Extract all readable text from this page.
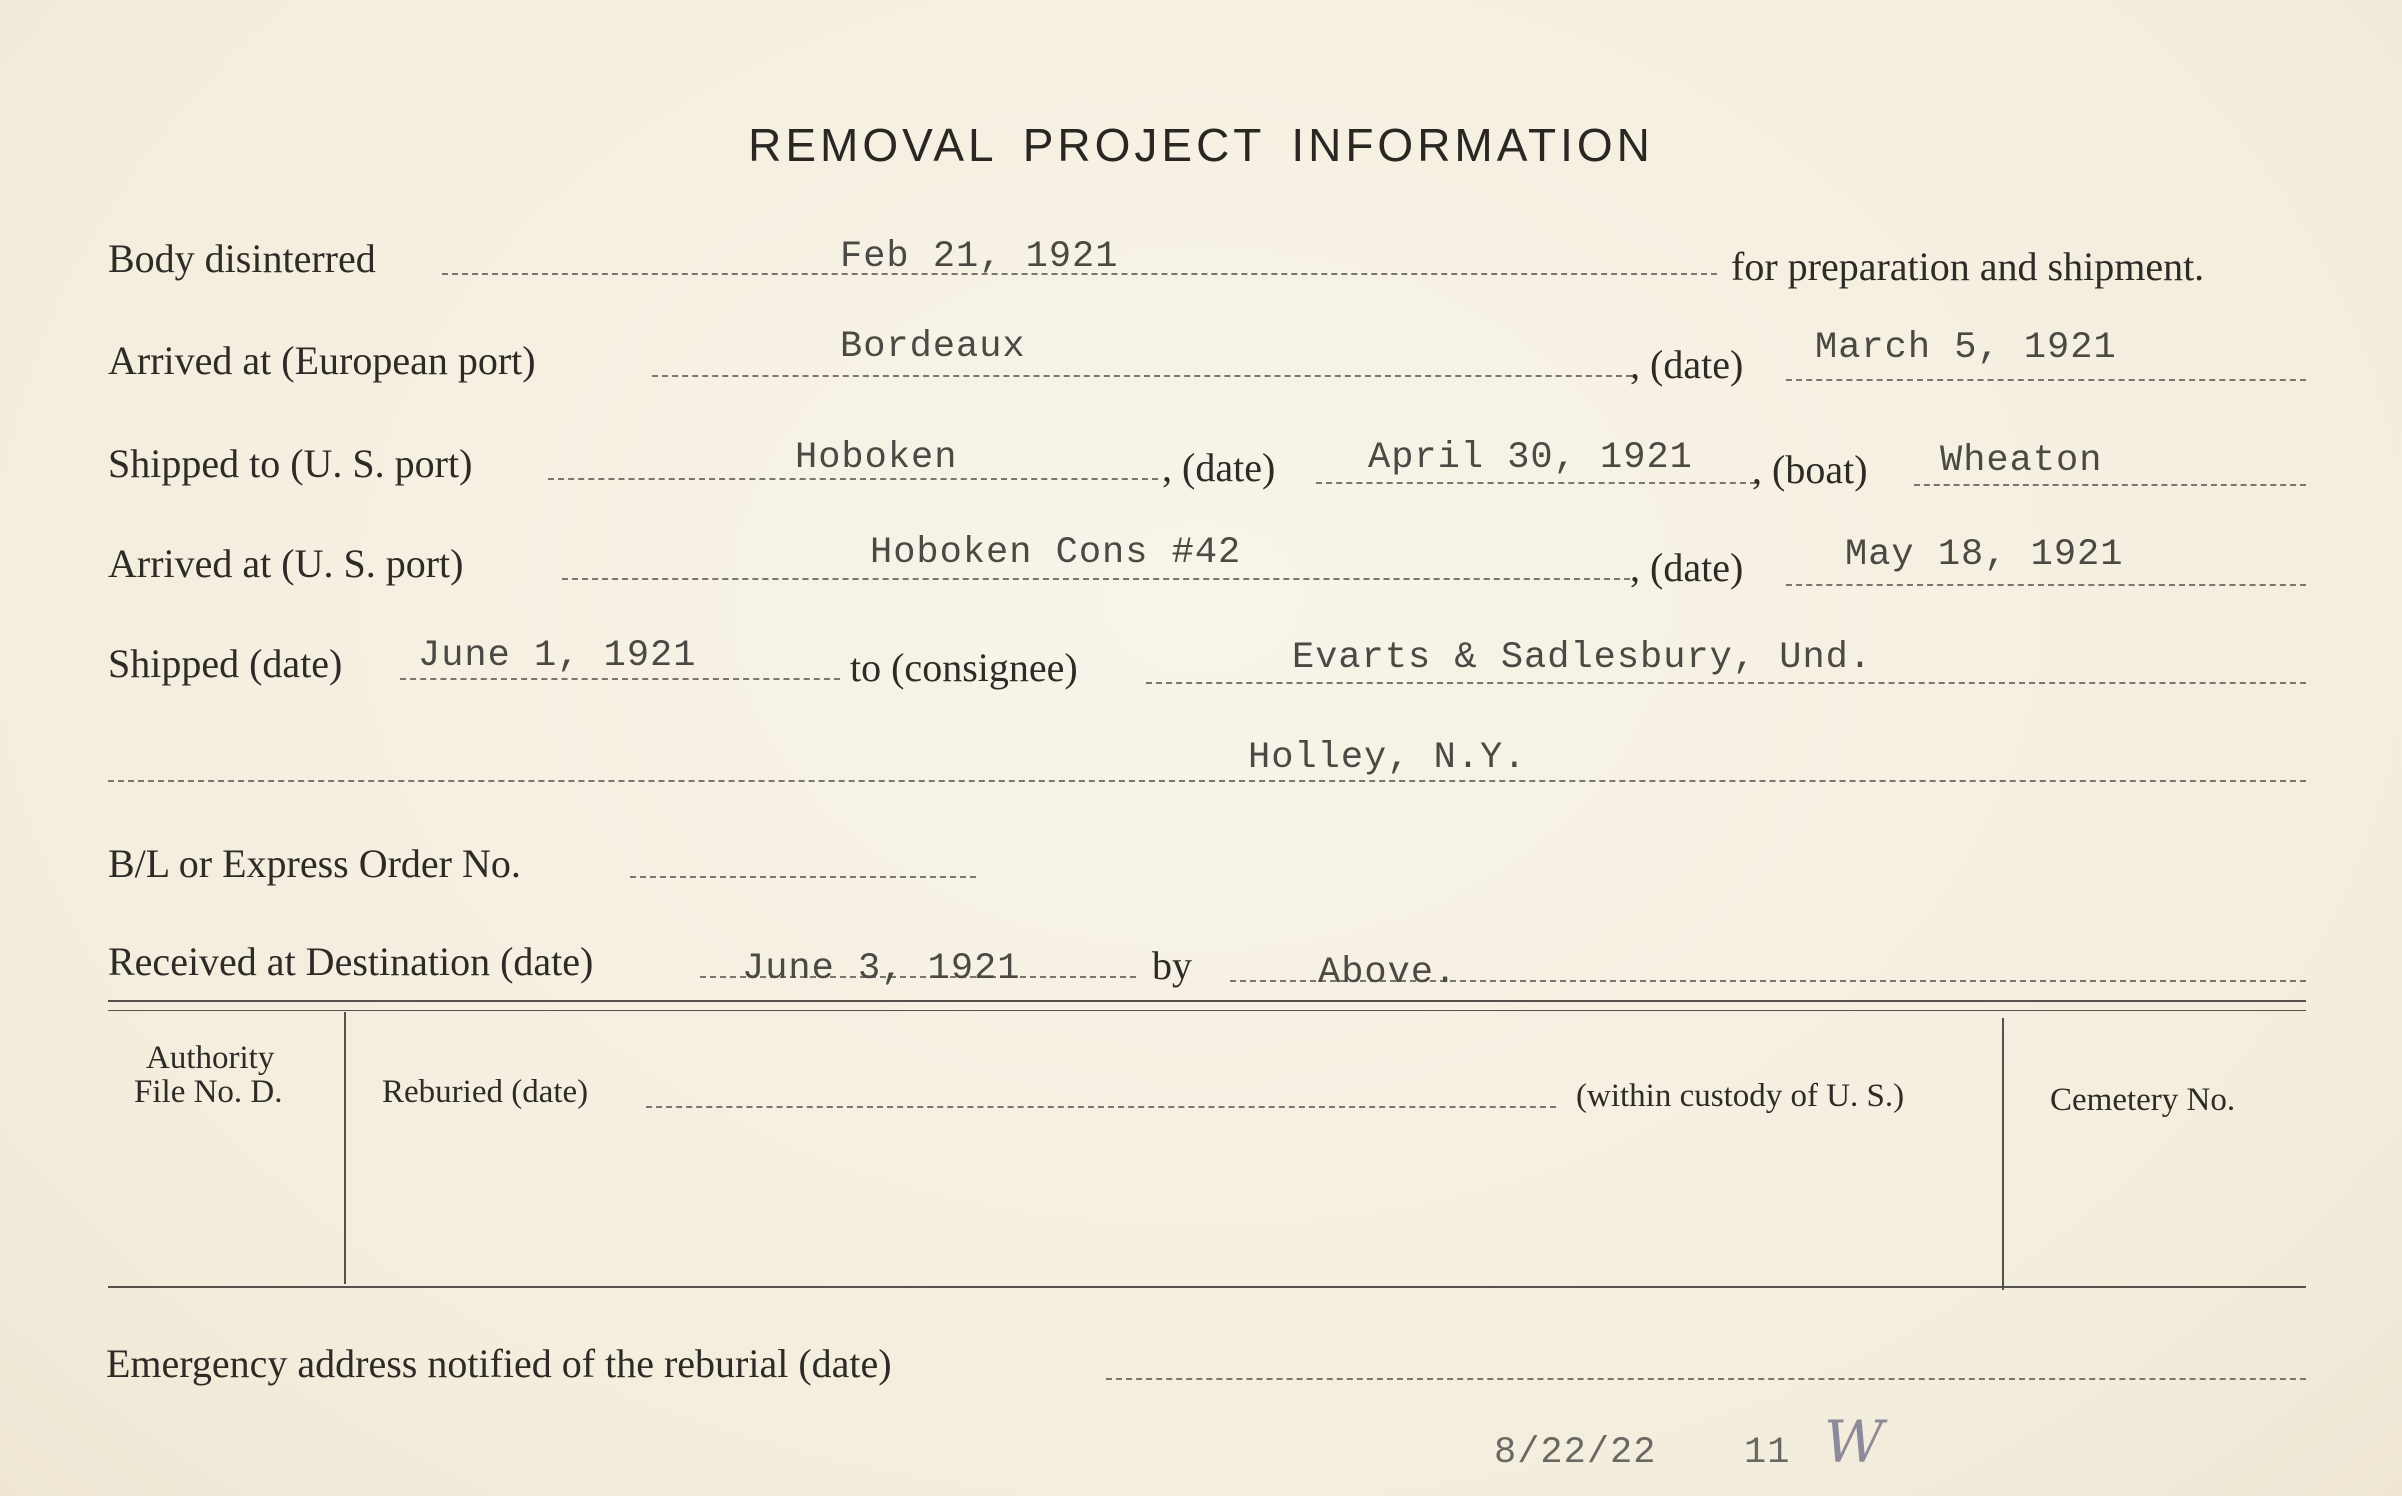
REMOVAL PROJECT INFORMATION
Body disinterred	Feb 21, 1921	for preparation and shipment.
Arrived at (European port)	Bordeaux	, (date) March 5, 1921
Shipped to (U. S. port)	Hoboken	, (date)	April 30, 1921 , (boat) Wheaton
Arrived at (U. S. port)	Hoboken Cons #42	, (date)	May 18, 1921
Shipped (date) June 1, 1921	to (consignee)	Evarts & Sadlesbury, Und.
Holley, N.Y.
B/L or Express Order No.
Received at Destination (date)	June 3, 1921	by	Above.
Authority
File No. D.	Reburied (date)	(within custody of U. S.)	Cemetery No.
Emergency address notified of the reburial (date)
8/22/22 11 W
